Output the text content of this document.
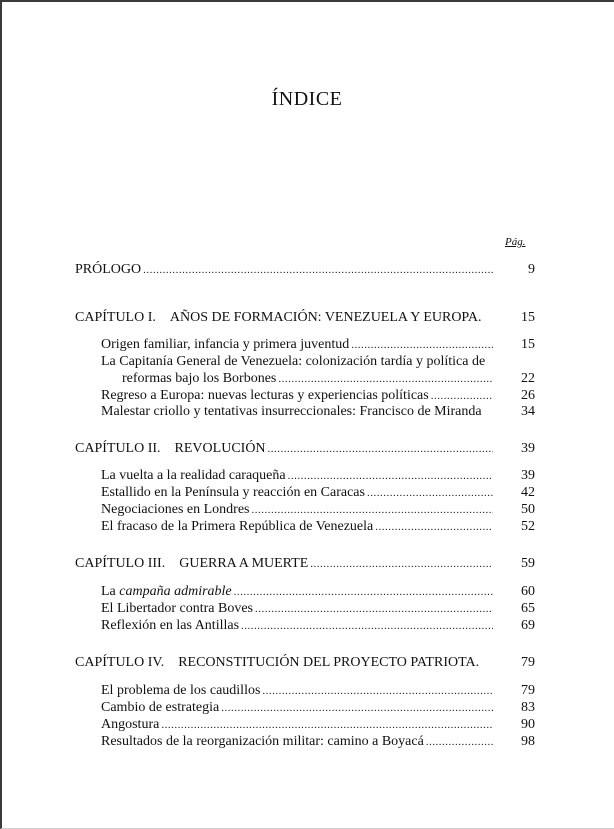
ÍNDICE
Pág.
PRÓLOGO .....	9
CAPÍTULO I. AÑOS DE FORMACIÓN: VENEZUELA Y EUROPA.	15
Origen familiar, infancia y primera juventud .....	15
La Capitanía General de Venezuela: colonización tardía y política de
reformas bajo los Borbones .....	22
Regreso a Europa: nuevas lecturas y experiencias políticas .....	26
Malestar criollo y tentativas insurreccionales: Francisco de Miranda	34
CAPÍTULO II. REVOLUCIÓN .....	39
La vuelta a la realidad caraqueña .....	39
Estallido en la Península y reacción en Caracas .....	42
Negociaciones en Londres .....	50
El fracaso de la Primera República de Venezuela .....	52
CAPÍTULO III. GUERRA A MUERTE .....	59
La campaña admirable .....	60
El Libertador contra Boves .....	65
Reflexión en las Antillas .....	69
CAPÍTULO IV. RECONSTITUCIÓN DEL PROYECTO PATRIOTA.	79
El problema de los caudillos .....	79
Cambio de estrategia .....	83
Angostura .....	90
Resultados de la reorganización militar: camino a Boyacá .....	98
